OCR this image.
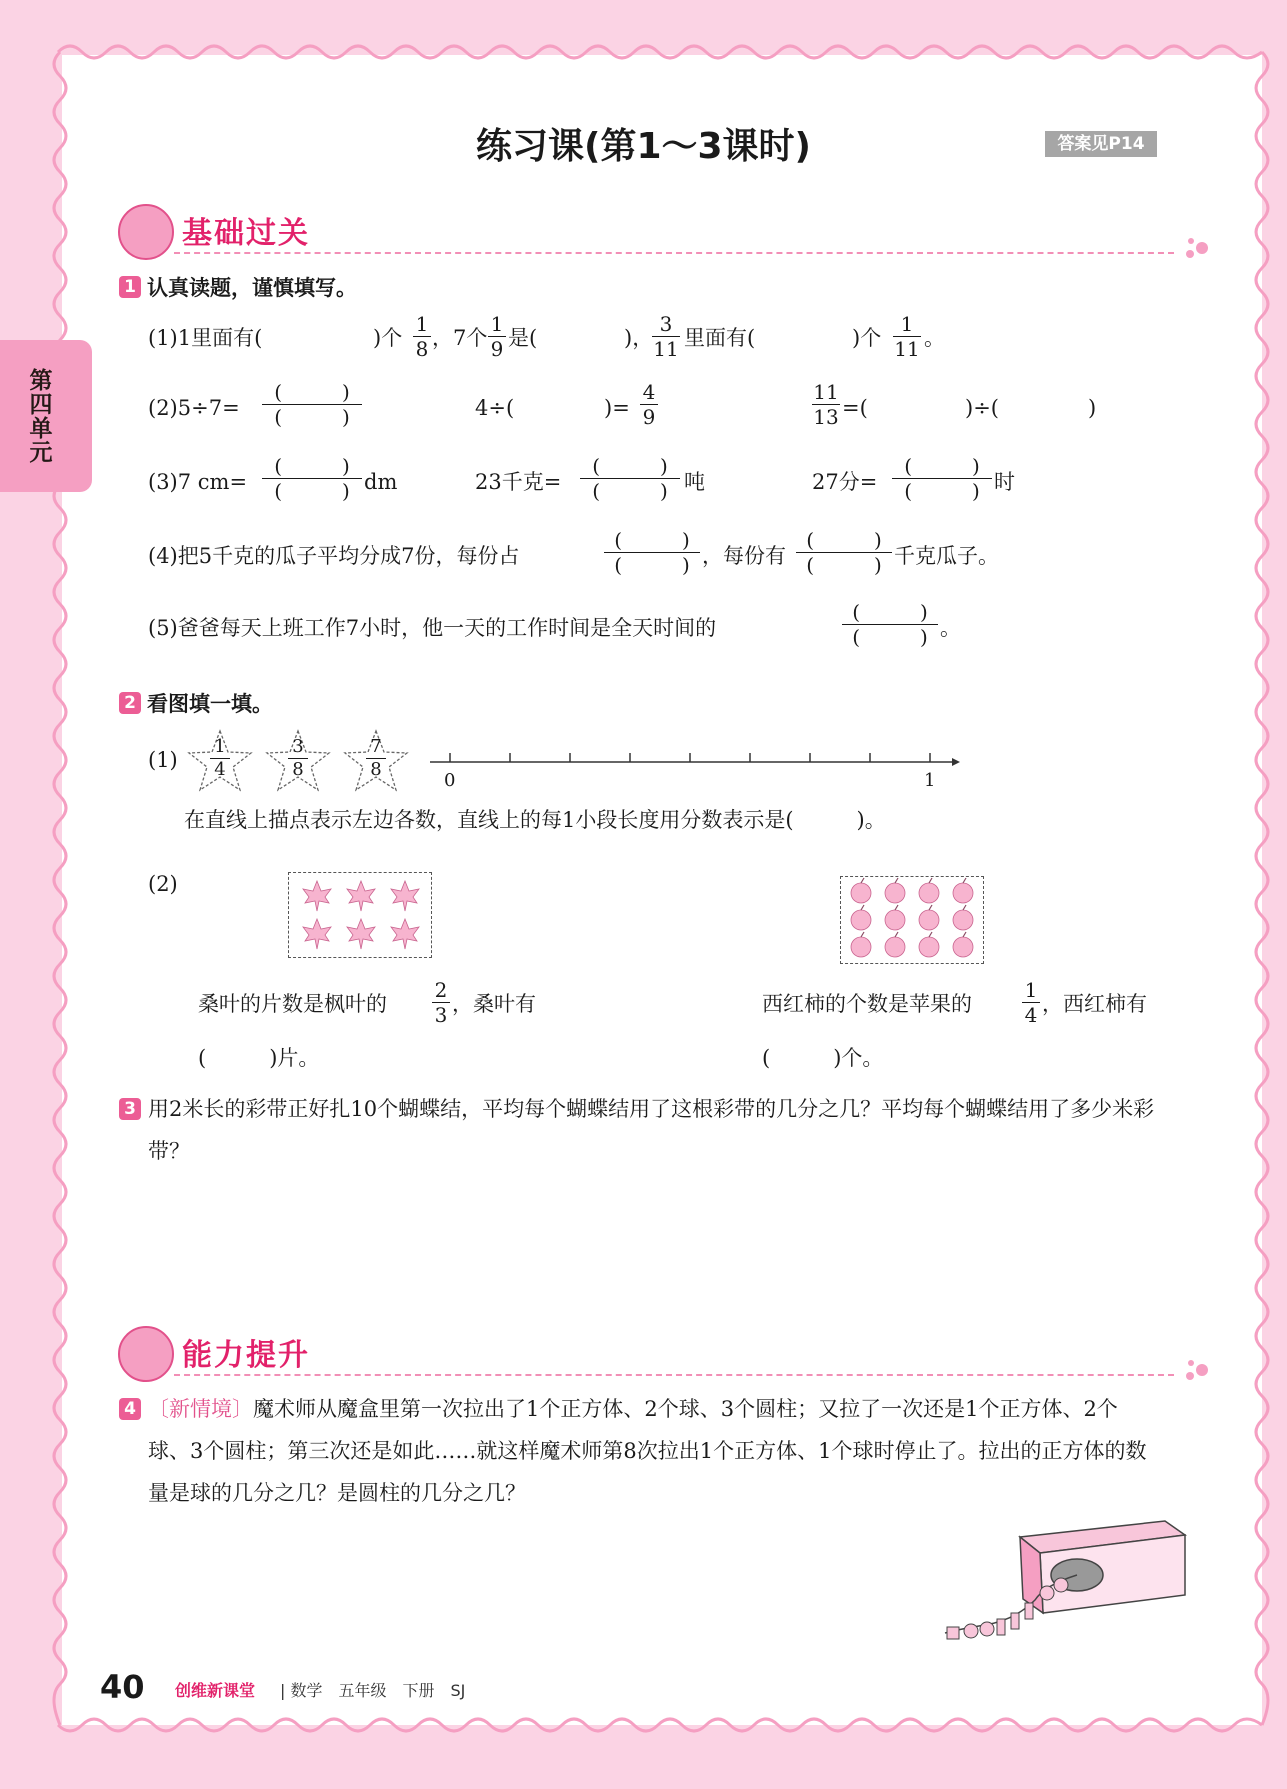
第四单元
练习课(第1～3课时)	答案见P14
基础过关
1 认真读题，谨慎填写。
(1)1里面有(	)个
1
8 ，7个
1
9 是(	)，
3
11 里面有(	)个
1
11 。
(2)5÷7=
(　　　)
(　　　)	4÷(	)=
4
9
11
13 =(	)÷(	)
(3)7 cm=
(　　　)
(　　　) dm	23千克=
(　　　)
(　　　) 吨	27分=
(　　　)
(　　　) 时
(4)把5千克的瓜子平均分成7份，每份占
(　　　)
(　　　) ，每份有
(　　　)
(　　　) 千克瓜子。
(5)爸爸每天上班工作7小时，他一天的工作时间是全天时间的
(　　　)
(　　　) 。
2 看图填一填。
(1)
1
4
3
8
7
8
0	1
在直线上描点表示左边各数，直线上的每1小段长度用分数表示是(　　　)。
(2)
桑叶的片数是枫叶的
2
3 ，桑叶有
(　　　)片。
西红柿的个数是苹果的
1
4 ，西红柿有
(　　　)个。
3 用2米长的彩带正好扎10个蝴蝶结，平均每个蝴蝶结用了这根彩带的几分之几？平均每个蝴蝶结用了多少米彩带？
能力提升
4 〔新情境〕魔术师从魔盒里第一次拉出了1个正方体、2个球、3个圆柱；又拉了一次还是1个正方体、2个球、3个圆柱；第三次还是如此……就这样魔术师第8次拉出1个正方体、1个球时停止了。拉出的正方体的数量是球的几分之几？是圆柱的几分之几？
40 创维新课堂 | 数学　五年级　下册　SJ
